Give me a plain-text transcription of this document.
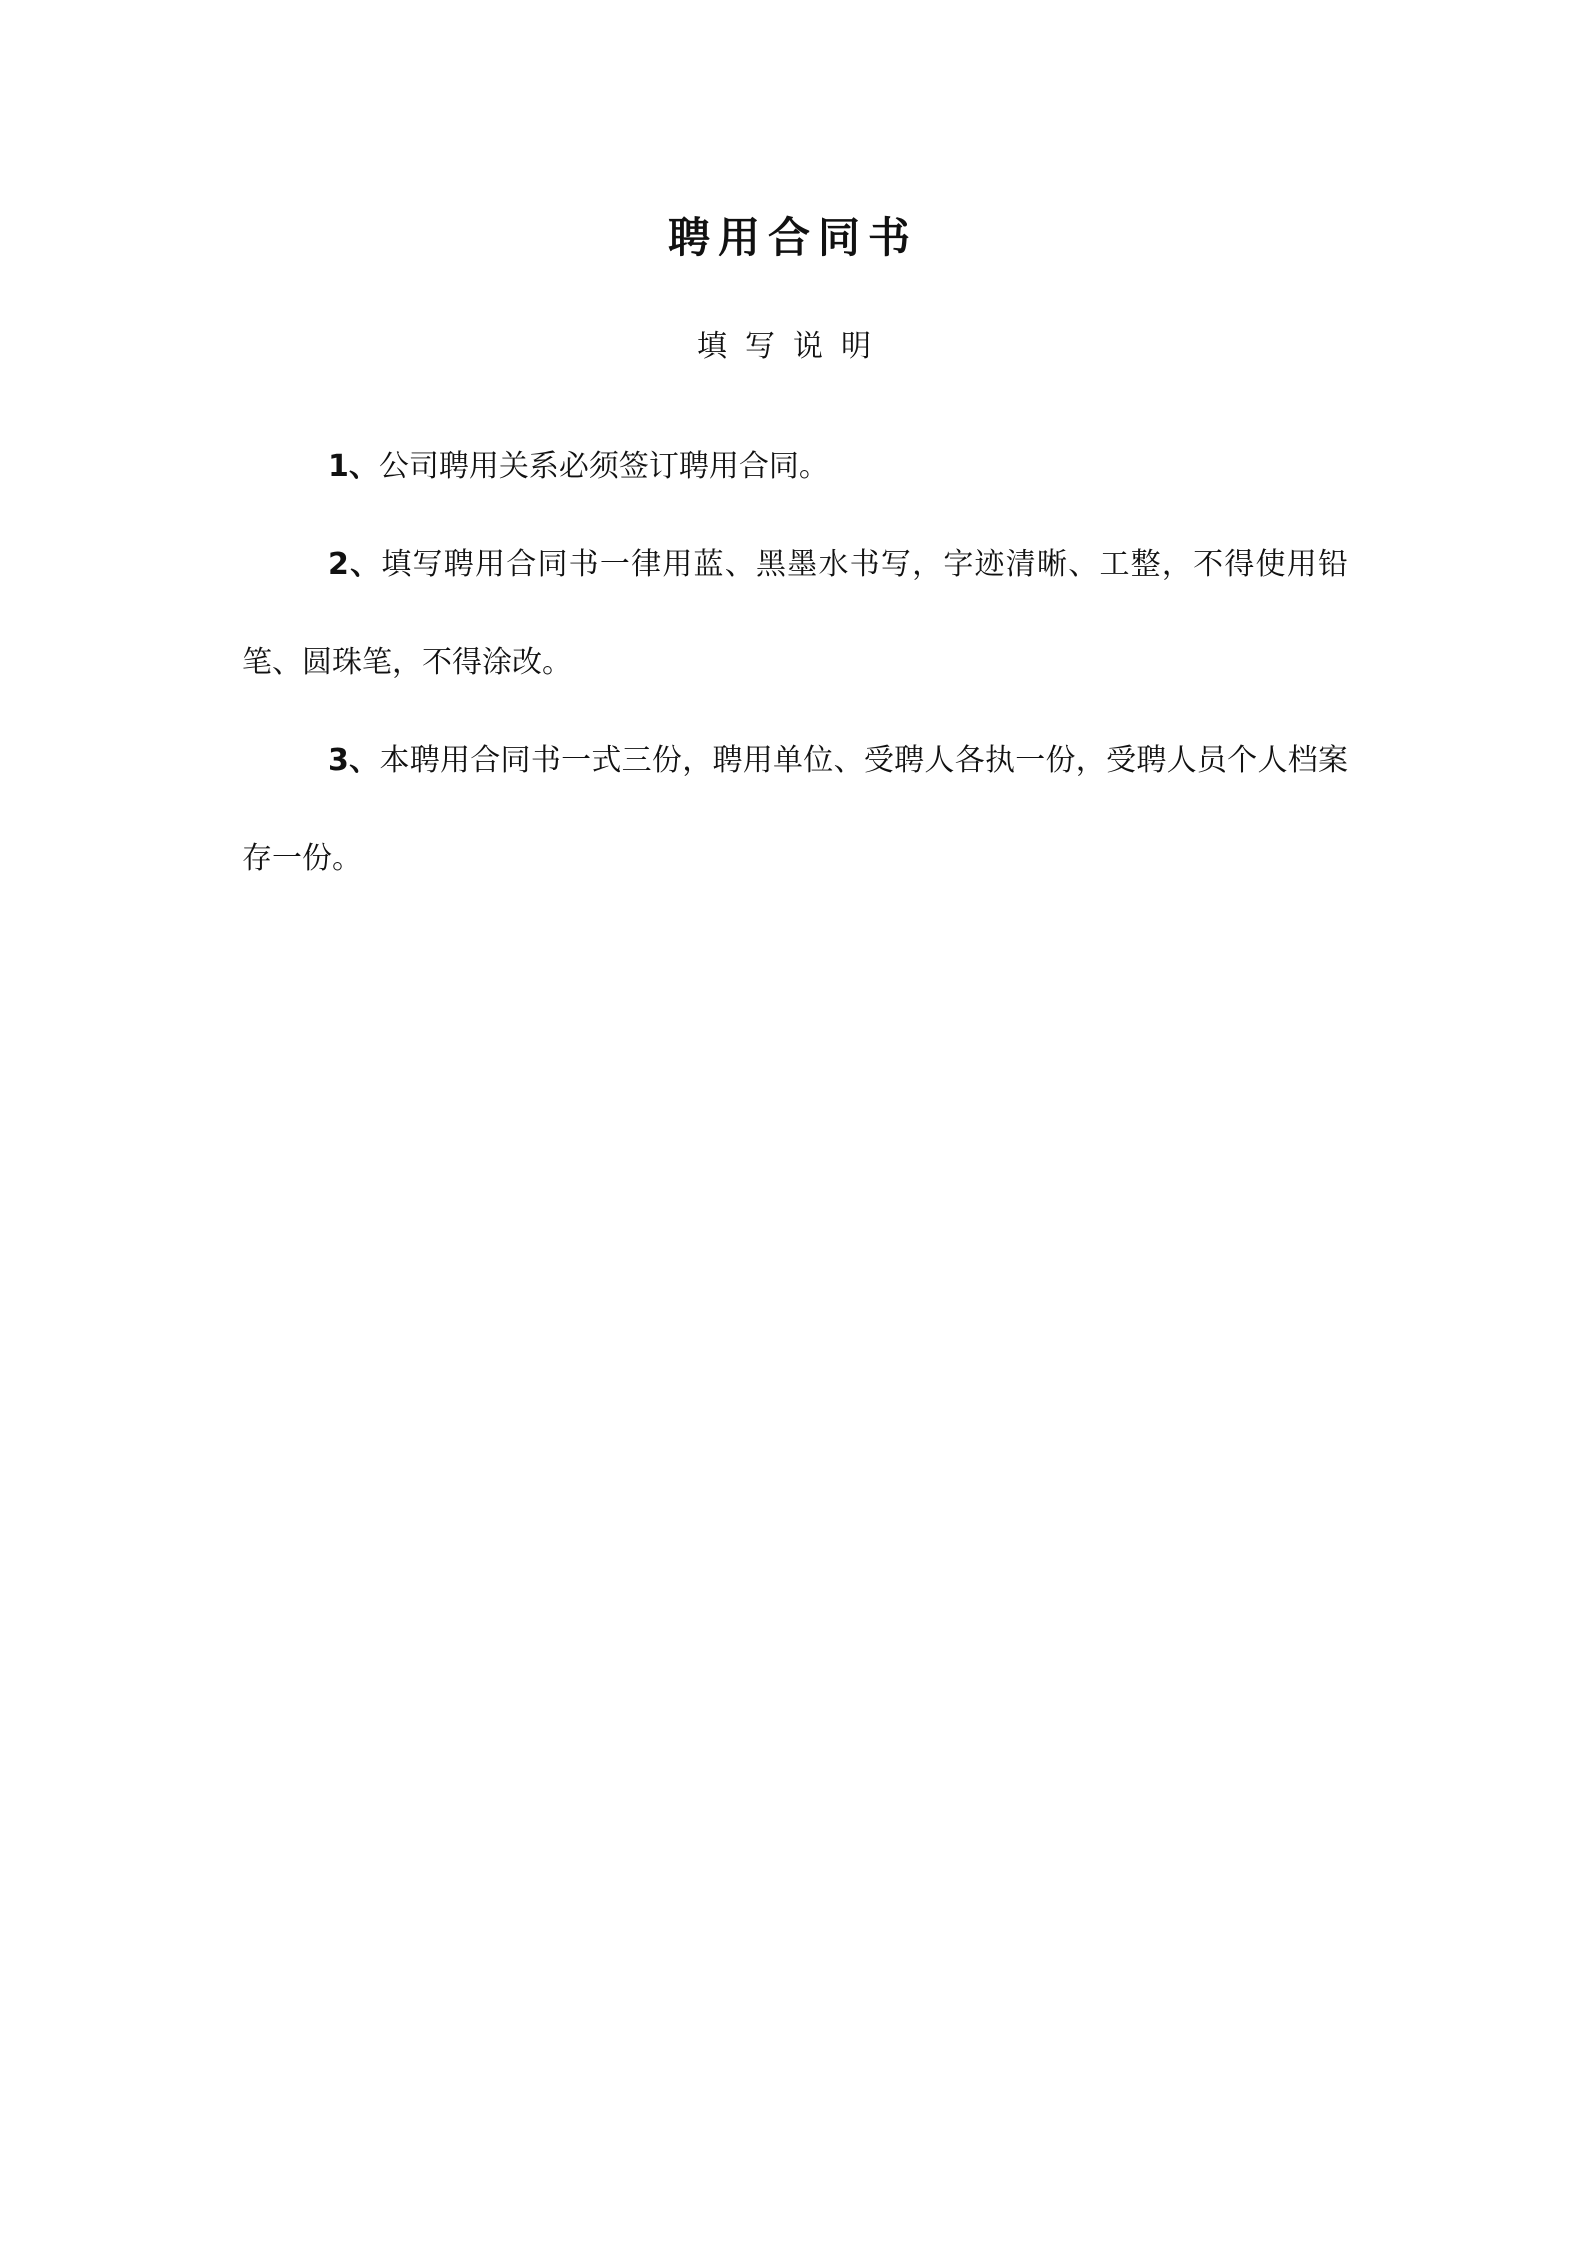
聘用合同书
填写说明
1、公司聘用关系必须签订聘用合同。
2、填写聘用合同书一律用蓝、黑墨水书写，字迹清晰、工整，不得使用铅笔、圆珠笔，不得涂改。
3、本聘用合同书一式三份，聘用单位、受聘人各执一份，受聘人员个人档案存一份。
